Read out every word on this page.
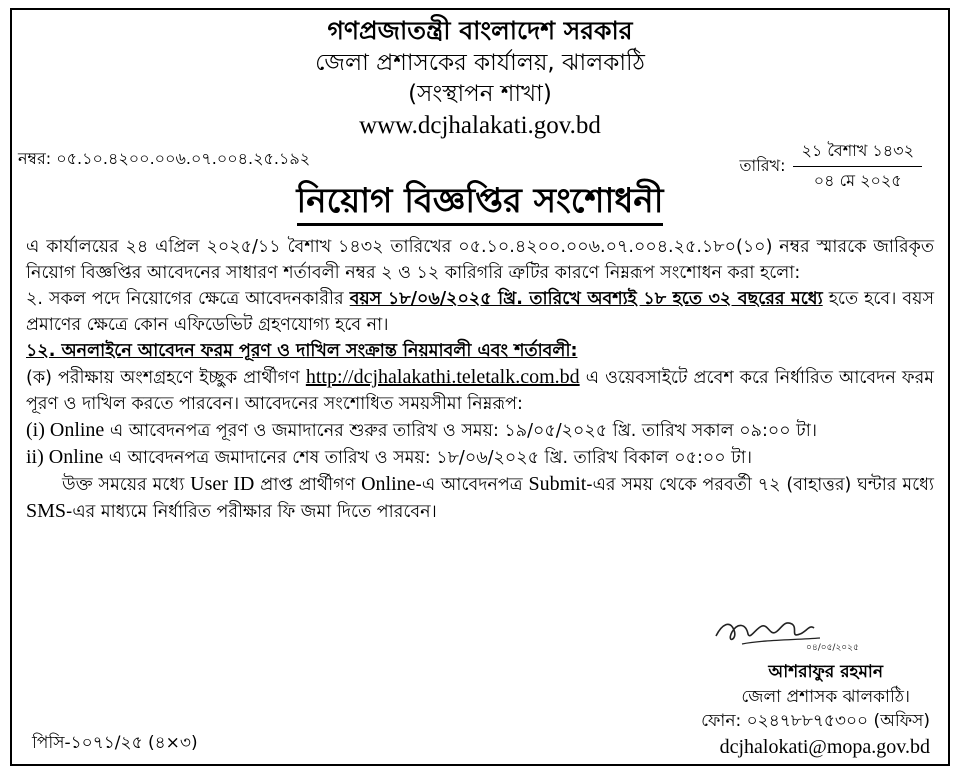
গণপ্রজাতন্ত্রী বাংলাদেশ সরকার
জেলা প্রশাসকের কার্যালয়, ঝালকাঠি
(সংস্থাপন শাখা)
www.dcjhalakati.gov.bd
নম্বর: ০৫.১০.৪২০০.০০৬.০৭.০০৪.২৫.১৯২	তারিখ:
২১ বৈশাখ ১৪৩২
০৪ মে ২০২৫
নিয়োগ বিজ্ঞপ্তির সংশোধনী

এ কার্যালয়ের ২৪ এপ্রিল ২০২৫/১১ বৈশাখ ১৪৩২ তারিখের ০৫.১০.৪২০০.০০৬.০৭.০০৪.২৫.১৮০(১০) নম্বর স্মারকে জারিকৃত নিয়োগ বিজ্ঞপ্তির আবেদনের সাধারণ শর্তাবলী নম্বর ২ ও ১২ কারিগরি ত্রুটির কারণে নিম্নরূপ সংশোধন করা হলো:

২. সকল পদে নিয়োগের ক্ষেত্রে আবেদনকারীর বয়স ১৮/০৬/২০২৫ খ্রি. তারিখে অবশ্যই ১৮ হতে ৩২ বছরের মধ্যে হতে হবে। বয়স প্রমাণের ক্ষেত্রে কোন এফিডেভিট গ্রহণযোগ্য হবে না।

১২. অনলাইনে আবেদন ফরম পূরণ ও দাখিল সংক্রান্ত নিয়মাবলী এবং শর্তাবলী:

(ক) পরীক্ষায় অংশগ্রহণে ইচ্ছুক প্রার্থীগণ http://dcjhalakathi.teletalk.com.bd এ ওয়েবসাইটে প্রবেশ করে নির্ধারিত আবেদন ফরম পূরণ ও দাখিল করতে পারবেন। আবেদনের সংশোধিত সময়সীমা নিম্নরূপ:

(i) Online এ আবেদনপত্র পূরণ ও জমাদানের শুরুর তারিখ ও সময়: ১৯/০৫/২০২৫ খ্রি. তারিখ সকাল ০৯:০০ টা।

ii) Online এ আবেদনপত্র জমাদানের শেষ তারিখ ও সময়: ১৮/০৬/২০২৫ খ্রি. তারিখ বিকাল ০৫:০০ টা।

উক্ত সময়ের মধ্যে User ID প্রাপ্ত প্রার্থীগণ Online-এ আবেদনপত্র Submit-এর সময় থেকে পরবর্তী ৭২ (বাহাত্তর) ঘন্টার মধ্যে SMS-এর মাধ্যমে নির্ধারিত পরীক্ষার ফি জমা দিতে পারবেন।

০৪/০৫/২০২৫
আশরাফুর রহমান
জেলা প্রশাসক ঝালকাঠি।
ফোন: ০২৪৭৮৮৭৫৩০০ (অফিস)
dcjhalokati@mopa.gov.bd
পিসি-১০৭১/২৫ (৪×৩)
